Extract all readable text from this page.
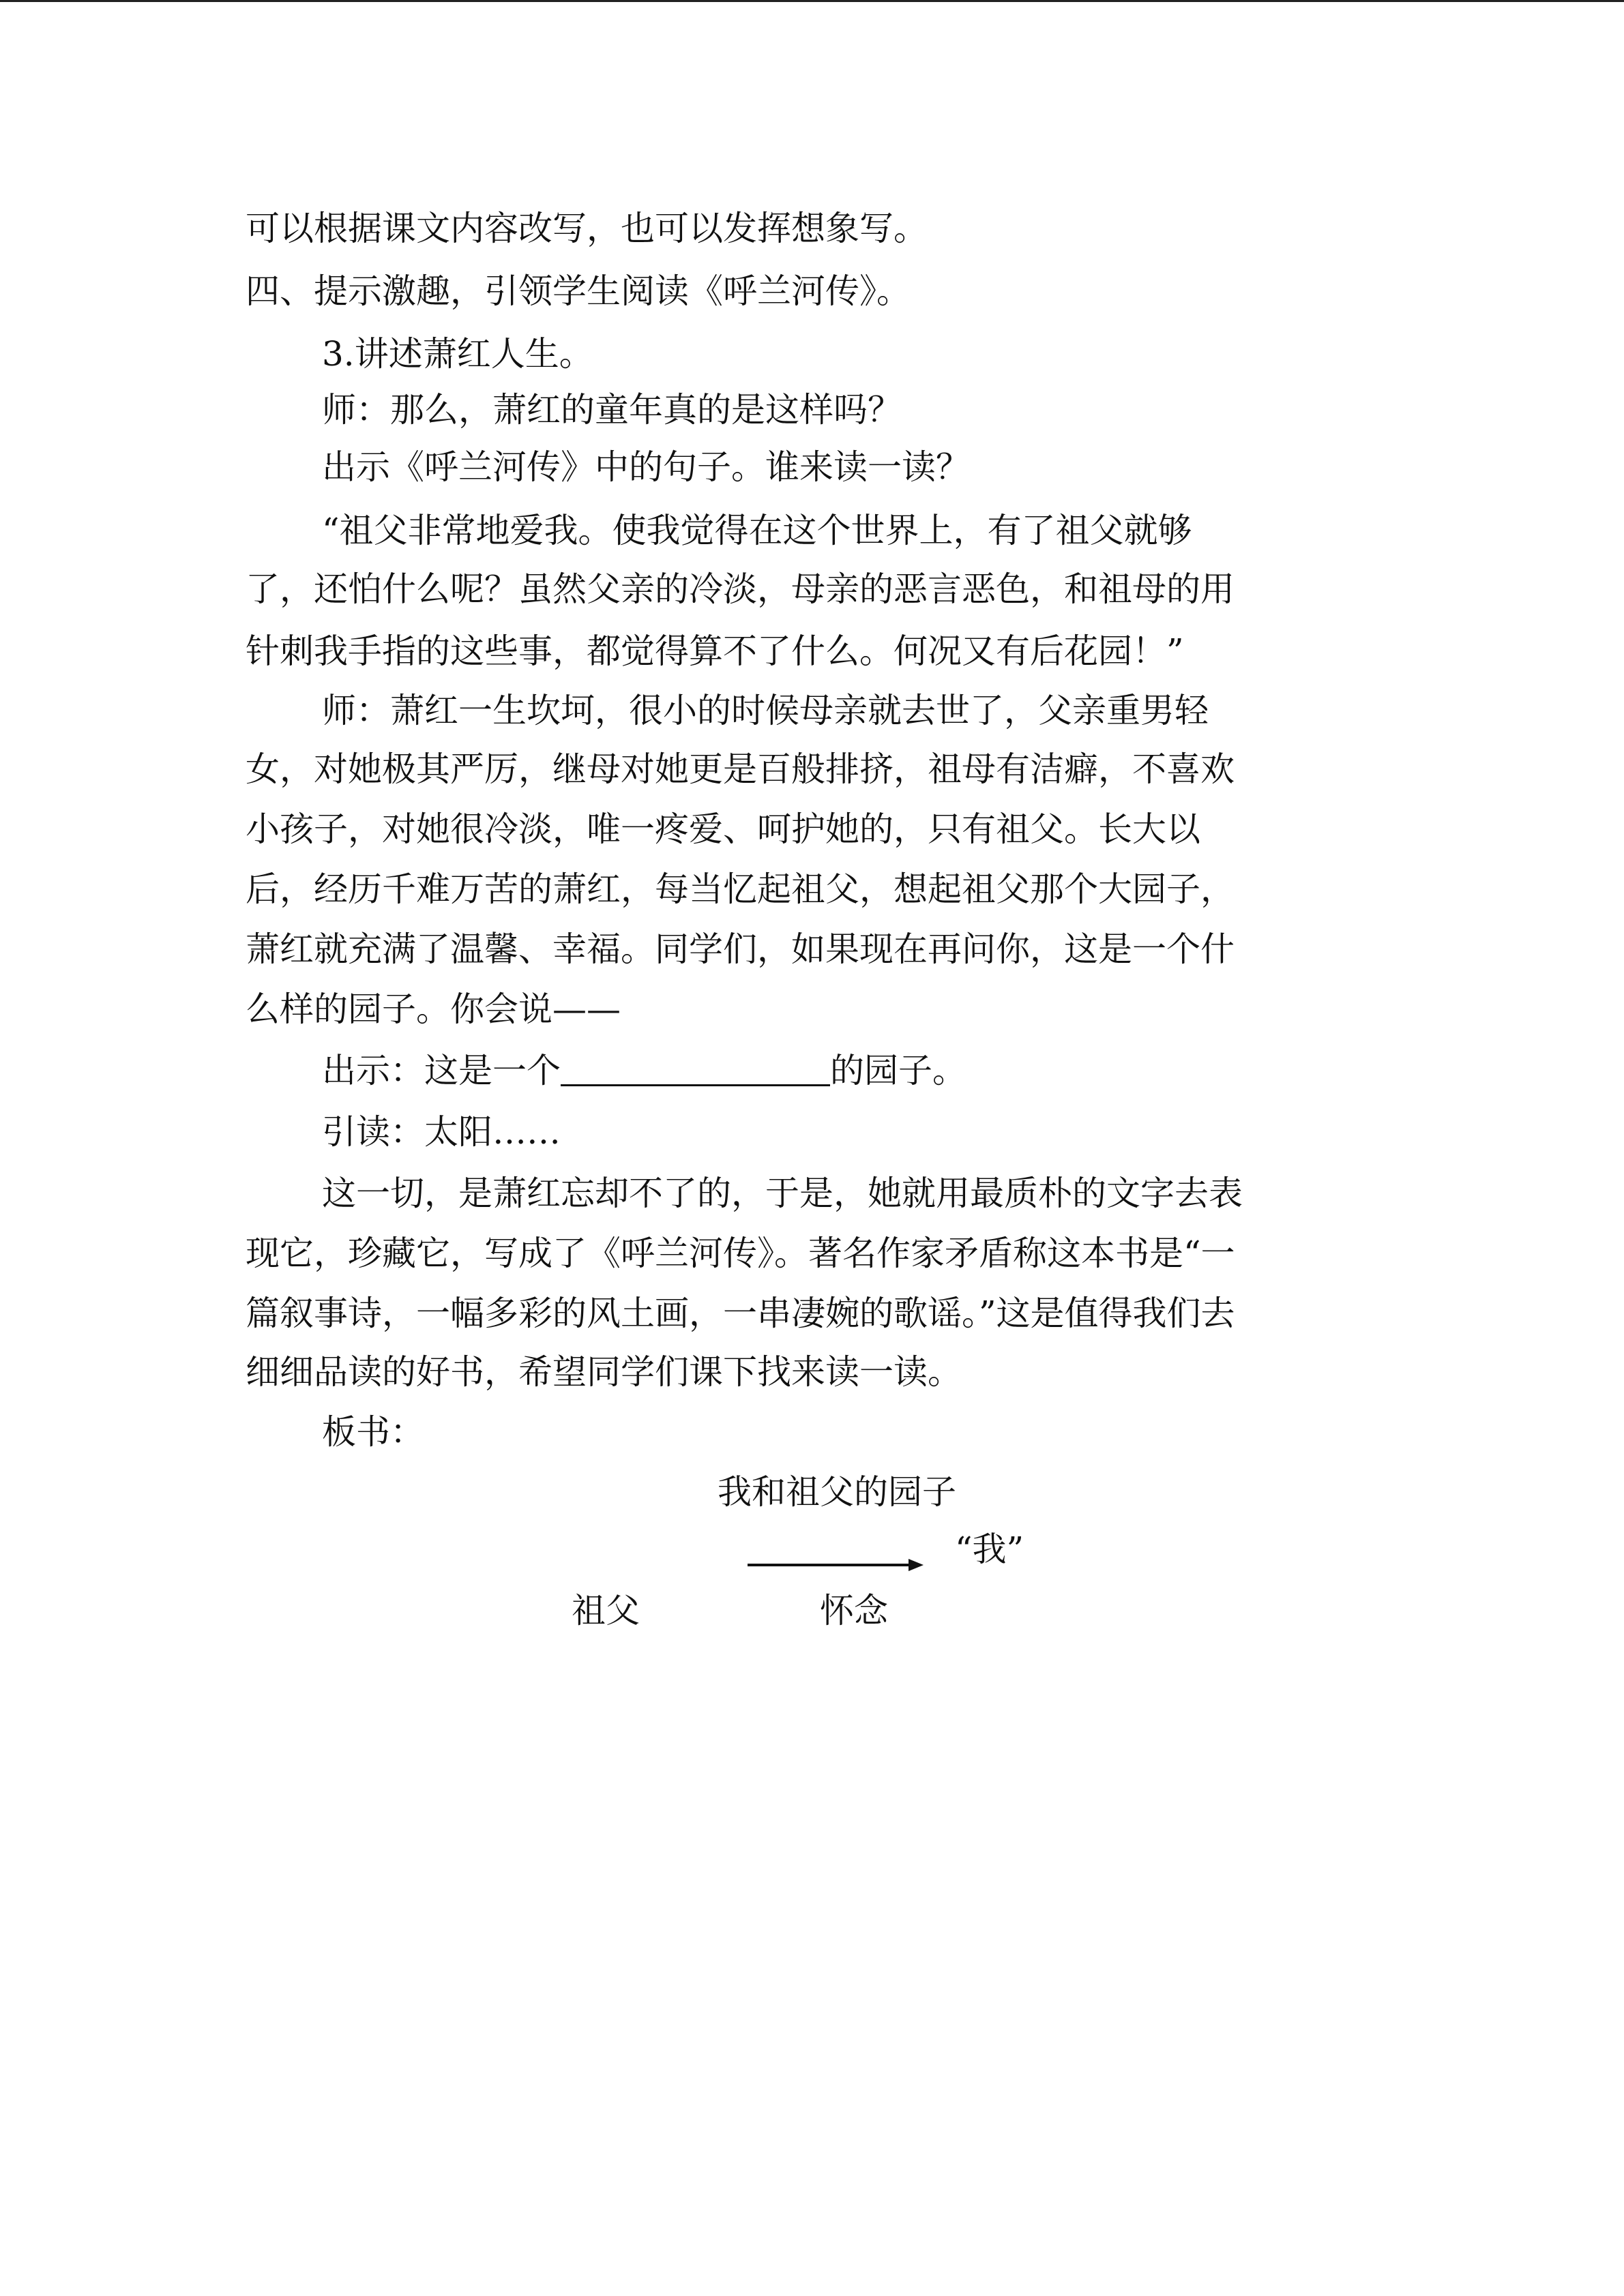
可以根据课文内容改写，也可以发挥想象写。
四、提示激趣，引领学生阅读《呼兰河传》。
3.讲述萧红人生。
师：那么，萧红的童年真的是这样吗？
出示《呼兰河传》中的句子。谁来读一读？
“祖父非常地爱我。使我觉得在这个世界上，有了祖父就够
了，还怕什么呢？虽然父亲的冷淡，母亲的恶言恶色，和祖母的用
针刺我手指的这些事，都觉得算不了什么。何况又有后花园！”
师：萧红一生坎坷，很小的时候母亲就去世了，父亲重男轻
女，对她极其严厉，继母对她更是百般排挤，祖母有洁癖，不喜欢
小孩子，对她很冷淡，唯一疼爱、呵护她的，只有祖父。长大以
后，经历千难万苦的萧红，每当忆起祖父，想起祖父那个大园子，
萧红就充满了温馨、幸福。同学们，如果现在再问你，这是一个什
么样的园子。你会说——
出示：这是一个	的园子。
引读：太阳……
这一切，是萧红忘却不了的，于是，她就用最质朴的文字去表
现它，珍藏它，写成了《呼兰河传》。著名作家矛盾称这本书是“一
篇叙事诗，一幅多彩的风土画，一串凄婉的歌谣。”这是值得我们去
细细品读的好书，希望同学们课下找来读一读。
板书：
我和祖父的园子
“我”
祖父	怀念
